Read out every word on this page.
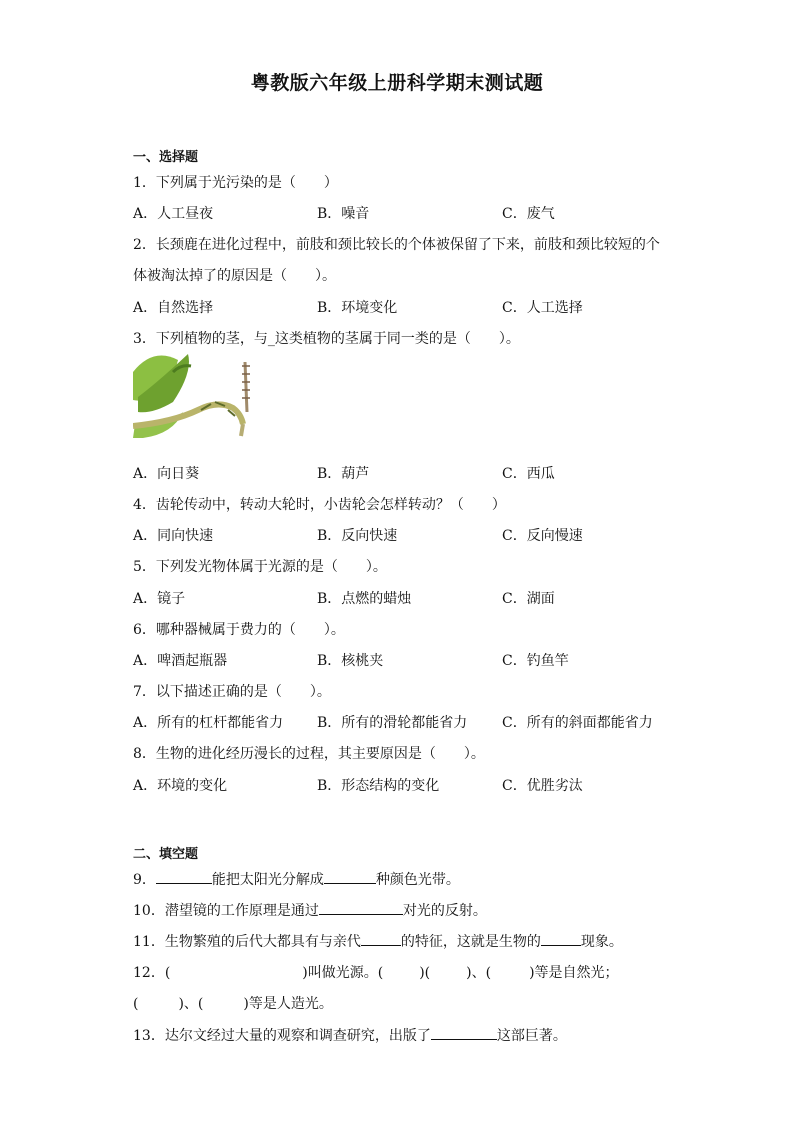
粤教版六年级上册科学期末测试题
一、选择题
1．下列属于光污染的是（　　）
A．人工昼夜	B．噪音	C．废气
2．长颈鹿在进化过程中，前肢和颈比较长的个体被保留了下来，前肢和颈比较短的个
体被淘汰掉了的原因是（　　）。
A．自然选择	B．环境变化	C．人工选择
3．下列植物的茎，与_这类植物的茎属于同一类的是（　　）。
A．向日葵	B．葫芦	C．西瓜
4．齿轮传动中，转动大轮时，小齿轮会怎样转动？（　　）
A．同向快速	B．反向快速	C．反向慢速
5．下列发光物体属于光源的是（　　）。
A．镜子	B．点燃的蜡烛	C．湖面
6．哪种器械属于费力的（　　）。
A．啤酒起瓶器	B．核桃夹	C．钓鱼竿
7．以下描述正确的是（　　）。
A．所有的杠杆都能省力 B．所有的滑轮都能省力 C．所有的斜面都能省力
8．生物的进化经历漫长的过程，其主要原因是（　　）。
A．环境的变化	B．形态结构的变化	C．优胜劣汰
二、填空题
9．	能把太阳光分解成	种颜色光带。
10．潜望镜的工作原理是通过	对光的反射。
11．生物繁殖的后代大都具有与亲代	的特征，这就是生物的	现象。
12．(	)叫做光源。(	)(	)、(	)等是自然光；
(	)、(	)等是人造光。
13．达尔文经过大量的观察和调查研究，出版了	这部巨著。
